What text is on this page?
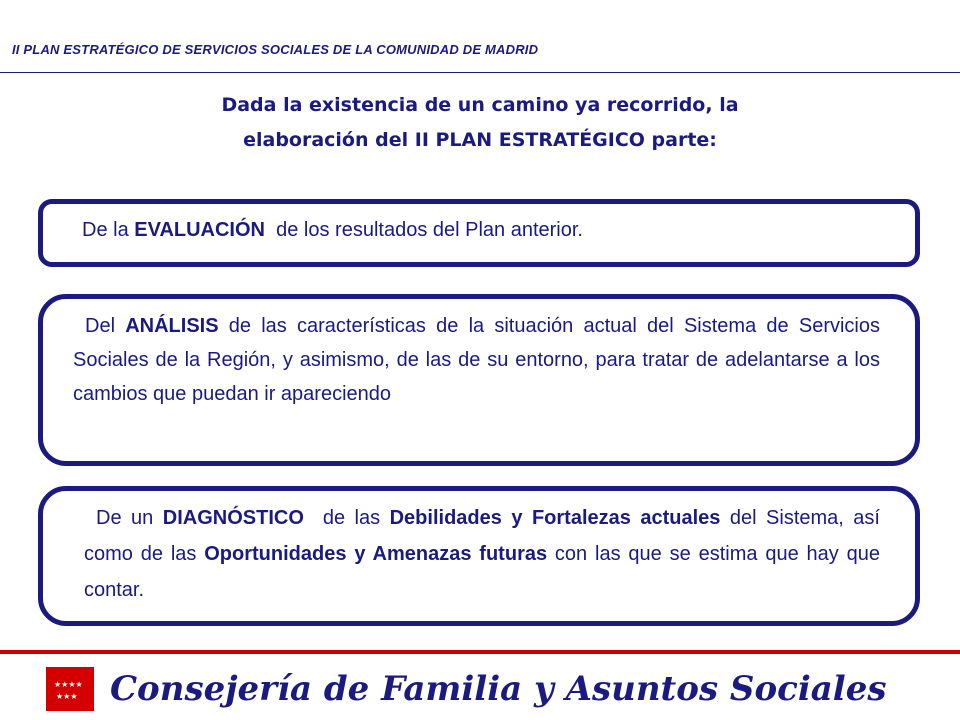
II PLAN ESTRATÉGICO DE SERVICIOS SOCIALES DE LA COMUNIDAD DE MADRID
Dada la existencia de un camino ya recorrido, la
elaboración del II PLAN ESTRATÉGICO parte:
De la EVALUACIÓN  de los resultados del Plan anterior.
Del ANÁLISIS de las características de la situación actual del Sistema de Servicios Sociales de la Región, y asimismo, de las de su entorno, para tratar de adelantarse a los cambios que puedan ir apareciendo
De un DIAGNÓSTICO  de las Debilidades y Fortalezas actuales del Sistema, así como de las Oportunidades y Amenazas futuras con las que se estima que hay que contar.
★★★★
★★★ Consejería de Familia y Asuntos Sociales
